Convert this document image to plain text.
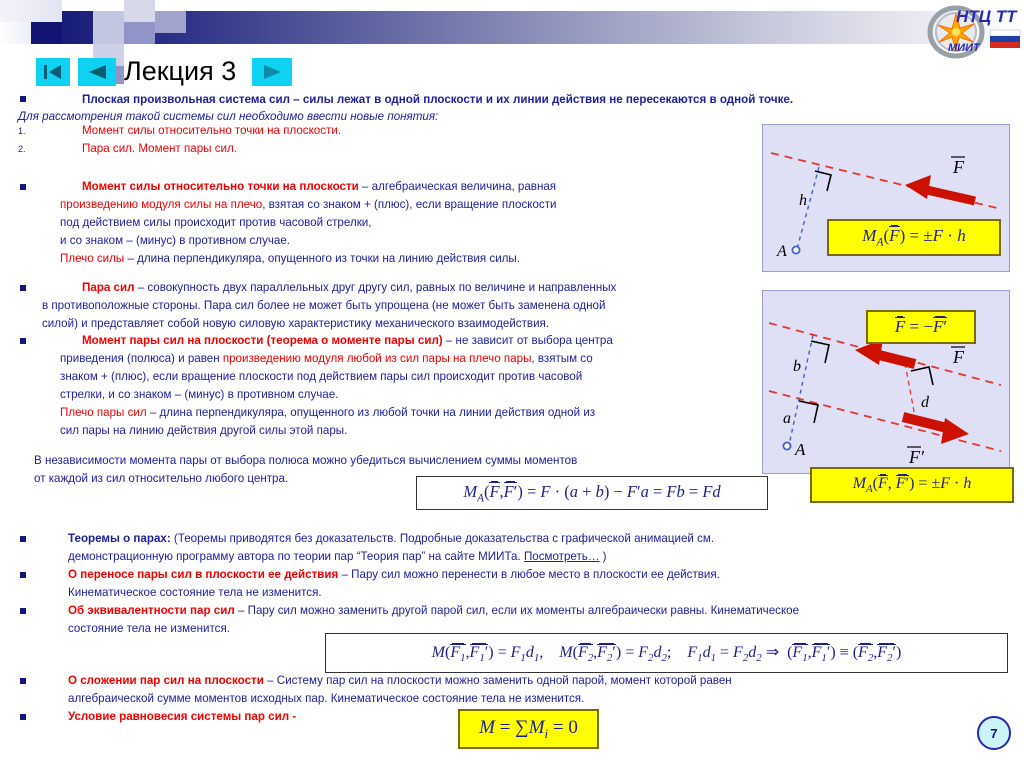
НТЦ ТТ
МИИТ
Лекция 3
Плоская произвольная система сил – силы лежат в одной плоскости и их линии действия не пересекаются в одной точке.
Для рассмотрения такой системы сил необходимо ввести новые понятия:
1.	Момент силы относительно точки на плоскости.
2.	Пара сил. Момент пары сил.
Момент силы относительно точки на плоскости – алгебраическая величина, равная
произведению модуля силы на плечо, взятая со знаком + (плюс), если вращение плоскости
под действием силы происходит против часовой стрелки,
и со знаком – (минус) в противном случае.
Плечо силы – длина перпендикуляра, опущенного из точки на линию действия силы.
Пара сил – совокупность двух параллельных друг другу сил, равных по величине и направленных
в противоположные стороны. Пара сил более не может быть упрощена (не может быть заменена одной
силой) и представляет собой новую силовую характеристику механического взаимодействия.
Момент пары сил на плоскости (теорема о моменте пары сил) – не зависит от выбора центра
приведения (полюса) и равен произведению модуля любой из сил пары на плечо пары, взятым со
знаком + (плюс), если вращение плоскости под действием пары сил происходит против часовой
стрелки, и со знаком – (минус) в противном случае.
Плечо пары сил – длина перпендикуляра, опущенного из любой точки на линии действия одной из
сил пары на линию действия другой силы этой пары.
В независимости момента пары от выбора полюса можно убедиться вычислением суммы моментов
от каждой из сил относительно любого центра.
Теоремы о парах: (Теоремы приводятся без доказательств. Подробные доказательства с графической анимацией см.
демонстрационную программу автора по теории пар “Теория пар” на сайте МИИТа. Посмотреть… )
О переносе пары сил в плоскости ее действия – Пару сил можно перенести в любое место в плоскости ее действия.
Кинематическое состояние тела не изменится.
Об эквивалентности пар сил – Пару сил можно заменить другой парой сил, если их моменты алгебраически равны. Кинематическое
состояние тела не изменится.
О сложении пар сил на плоскости – Систему пар сил на плоскости можно заменить одной парой, момент которой равен
алгебраической сумме моментов исходных пар. Кинематическое состояние тела не изменится.
Условие равновесия системы пар сил -
A
h
F
$M_A(F) = \pm F \cdot h$
A
b
a
d
F
F′
F = −F′
$M_A(F$, F′) = ±F · h
$M_A(F,F') = F \cdot (a + b) - F'a = Fb = Fd$
$M(F_1,F_1') = F_1d_1$,    $M(F_2,F_2') = F_2d_2$;    $F_1d_1 = F_2d_2$ ⇒  $(F_1,F_1') \equiv (F_2,F_2')$
$M = \sum M_i = 0$	7
